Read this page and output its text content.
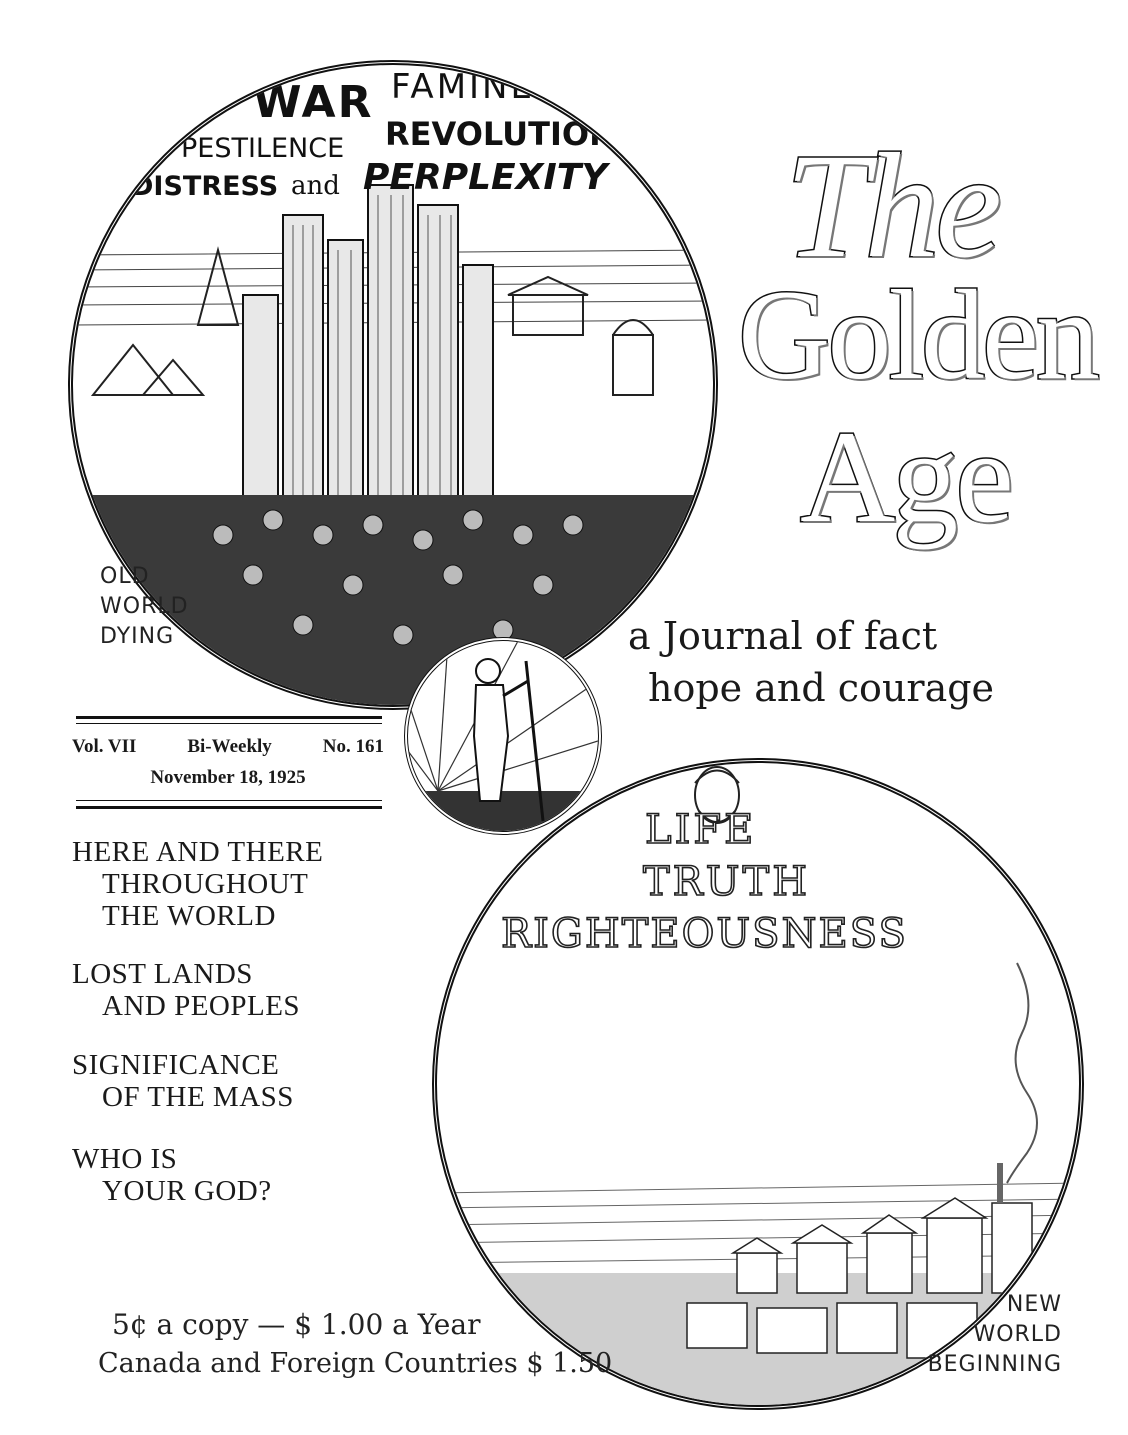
WAR FAMINE
PESTILENCE REVOLUTIONS
DISTRESS and PERPLEXITY
OLD
WORLD
DYING
The
Golden
Age
a Journal of fact
hope and courage
Vol. VII	Bi-Weekly	No. 161
November 18, 1925
HERE AND THERE
THROUGHOUT
THE WORLD
LOST LANDS
AND PEOPLES
SIGNIFICANCE
OF THE MASS
WHO IS
YOUR GOD?
LIFE
TRUTH
RIGHTEOUSNESS
NEW
WORLD
BEGINNING
5¢ a copy — $ 1.00 a Year
Canada and Foreign Countries $ 1.50
